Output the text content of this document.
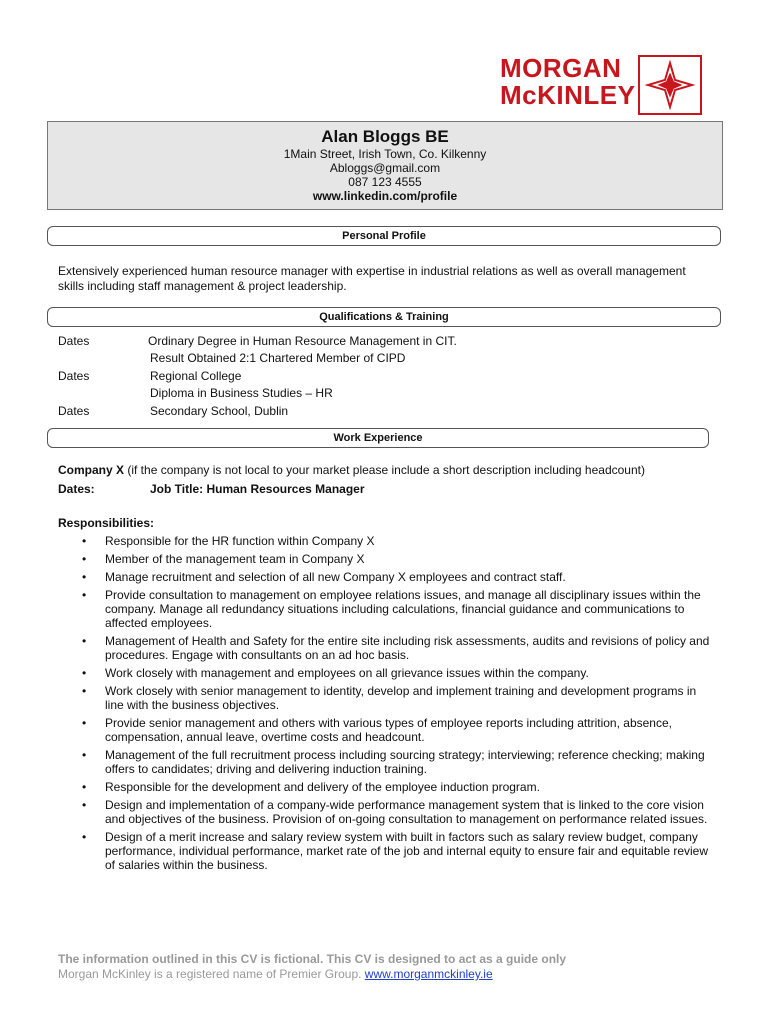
MORGAN
McKINLEY
Alan Bloggs BE
1Main Street, Irish Town, Co. Kilkenny
Abloggs@gmail.com
087 123 4555
www.linkedin.com/profile
Personal Profile
Extensively experienced human resource manager with expertise in industrial relations as well as overall management skills including staff management & project leadership.
Qualifications & Training
Dates	Ordinary Degree in Human Resource Management in CIT.
Result Obtained 2:1 Chartered Member of CIPD
Dates	Regional College
Diploma in Business Studies – HR
Dates	Secondary School, Dublin
Work Experience
Company X (if the company is not local to your market please include a short description including headcount)
Dates:	Job Title: Human Resources Manager
Responsibilities:
• Responsible for the HR function within Company X
• Member of the management team in Company X
• Manage recruitment and selection of all new Company X employees and contract staff.
• Provide consultation to management on employee relations issues, and manage all disciplinary issues within the company. Manage all redundancy situations including calculations, financial guidance and communications to affected employees.
• Management of Health and Safety for the entire site including risk assessments, audits and revisions of policy and procedures. Engage with consultants on an ad hoc basis.
• Work closely with management and employees on all grievance issues within the company.
• Work closely with senior management to identity, develop and implement training and development programs in line with the business objectives.
• Provide senior management and others with various types of employee reports including attrition, absence, compensation, annual leave, overtime costs and headcount.
• Management of the full recruitment process including sourcing strategy; interviewing; reference checking; making offers to candidates; driving and delivering induction training.
• Responsible for the development and delivery of the employee induction program.
• Design and implementation of a company-wide performance management system that is linked to the core vision and objectives of the business. Provision of on-going consultation to management on performance related issues.
• Design of a merit increase and salary review system with built in factors such as salary review budget, company performance, individual performance, market rate of the job and internal equity to ensure fair and equitable review of salaries within the business.
The information outlined in this CV is fictional. This CV is designed to act as a guide only
Morgan McKinley is a registered name of Premier Group. www.morganmckinley.ie
